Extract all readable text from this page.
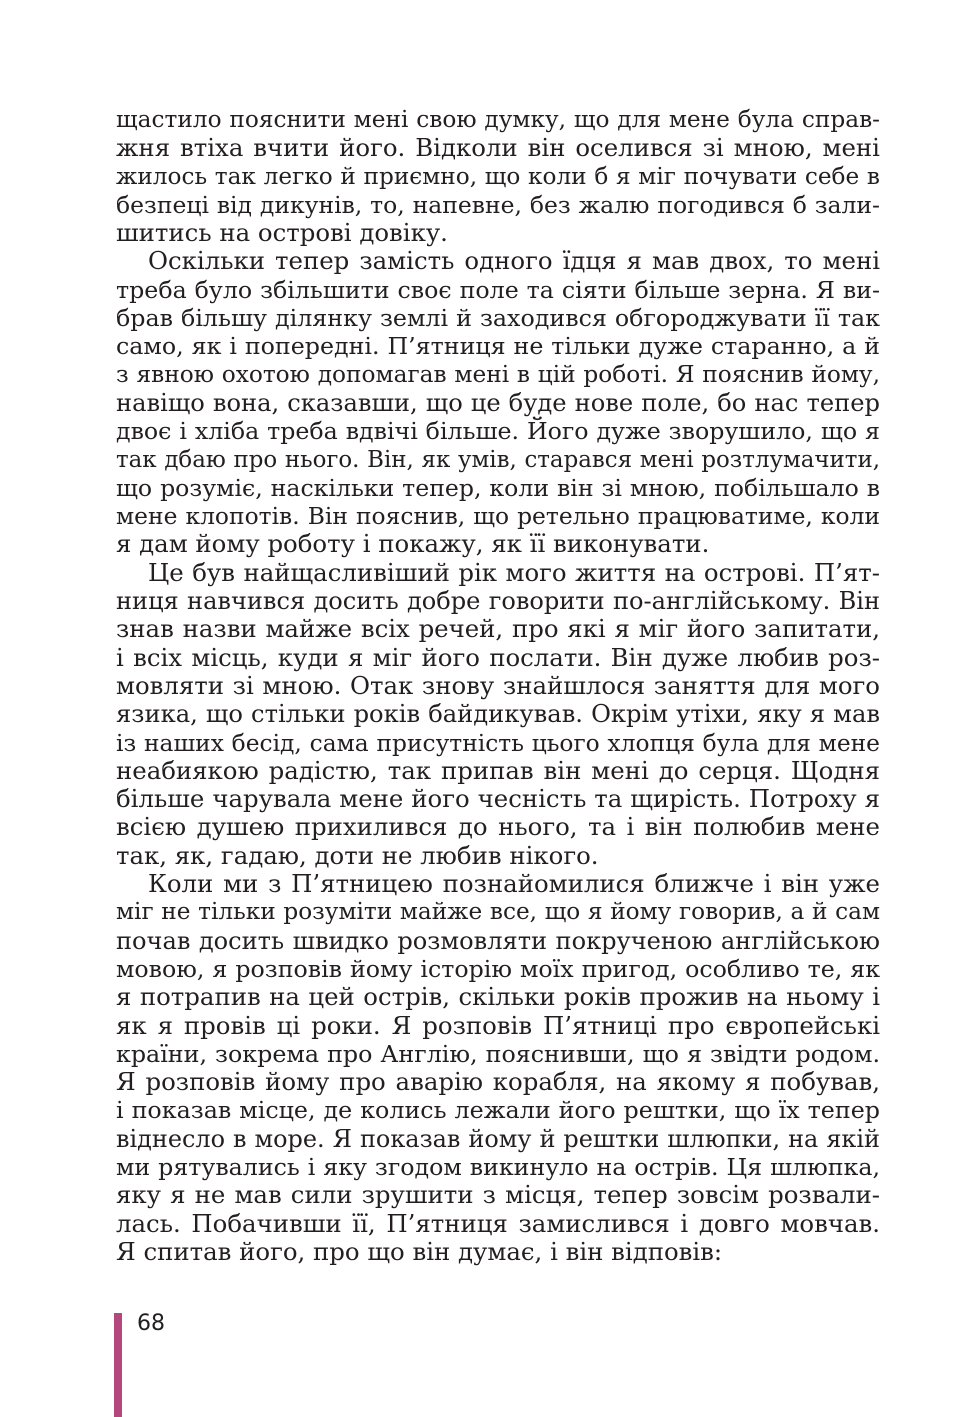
щастило пояснити мені свою думку, що для мене була справ-
жня втіха вчити його. Відколи він оселився зі мною, мені
жилось так легко й приємно, що коли б я міг почувати себе в
безпеці від дикунів, то, напевне, без жалю погодився б зали-
шитись на острові довіку.
Оскільки тепер замість одного їдця я мав двох, то мені
треба було збільшити своє поле та сіяти більше зерна. Я ви-
брав більшу ділянку землі й заходився обгороджувати її так
само, як і попередні. П’ятниця не тільки дуже старанно, а й
з явною охотою допомагав мені в цій роботі. Я пояснив йому,
навіщо вона, сказавши, що це буде нове поле, бо нас тепер
двоє і хліба треба вдвічі більше. Його дуже зворушило, що я
так дбаю про нього. Він, як умів, старався мені розтлумачити,
що розуміє, наскільки тепер, коли він зі мною, побільшало в
мене клопотів. Він пояснив, що ретельно працюватиме, коли
я дам йому роботу і покажу, як її виконувати.
Це був найщасливіший рік мого життя на острові. П’ят-
ниця навчився досить добре говорити по-англійському. Він
знав назви майже всіх речей, про які я міг його запитати,
і всіх місць, куди я міг його послати. Він дуже любив роз-
мовляти зі мною. Отак знову знайшлося заняття для мого
язика, що стільки років байдикував. Окрім утіхи, яку я мав
із наших бесід, сама присутність цього хлопця була для мене
неабиякою радістю, так припав він мені до серця. Щодня
більше чарувала мене його чесність та щирість. Потроху я
всією душею прихилився до нього, та і він полюбив мене
так, як, гадаю, доти не любив нікого.
Коли ми з П’ятницею познайомилися ближче і він уже
міг не тільки розуміти майже все, що я йому говорив, а й сам
почав досить швидко розмовляти покрученою англійською
мовою, я розповів йому історію моїх пригод, особливо те, як
я потрапив на цей острів, скільки років прожив на ньому і
як я провів ці роки. Я розповів П’ятниці про європейські
країни, зокрема про Англію, пояснивши, що я звідти родом.
Я розповів йому про аварію корабля, на якому я побував,
і показав місце, де колись лежали його рештки, що їх тепер
віднесло в море. Я показав йому й рештки шлюпки, на якій
ми рятувались і яку згодом викинуло на острів. Ця шлюпка,
яку я не мав сили зрушити з місця, тепер зовсім розвали-
лась. Побачивши її, П’ятниця замислився і довго мовчав.
Я спитав його, про що він думає, і він відповів:
68
